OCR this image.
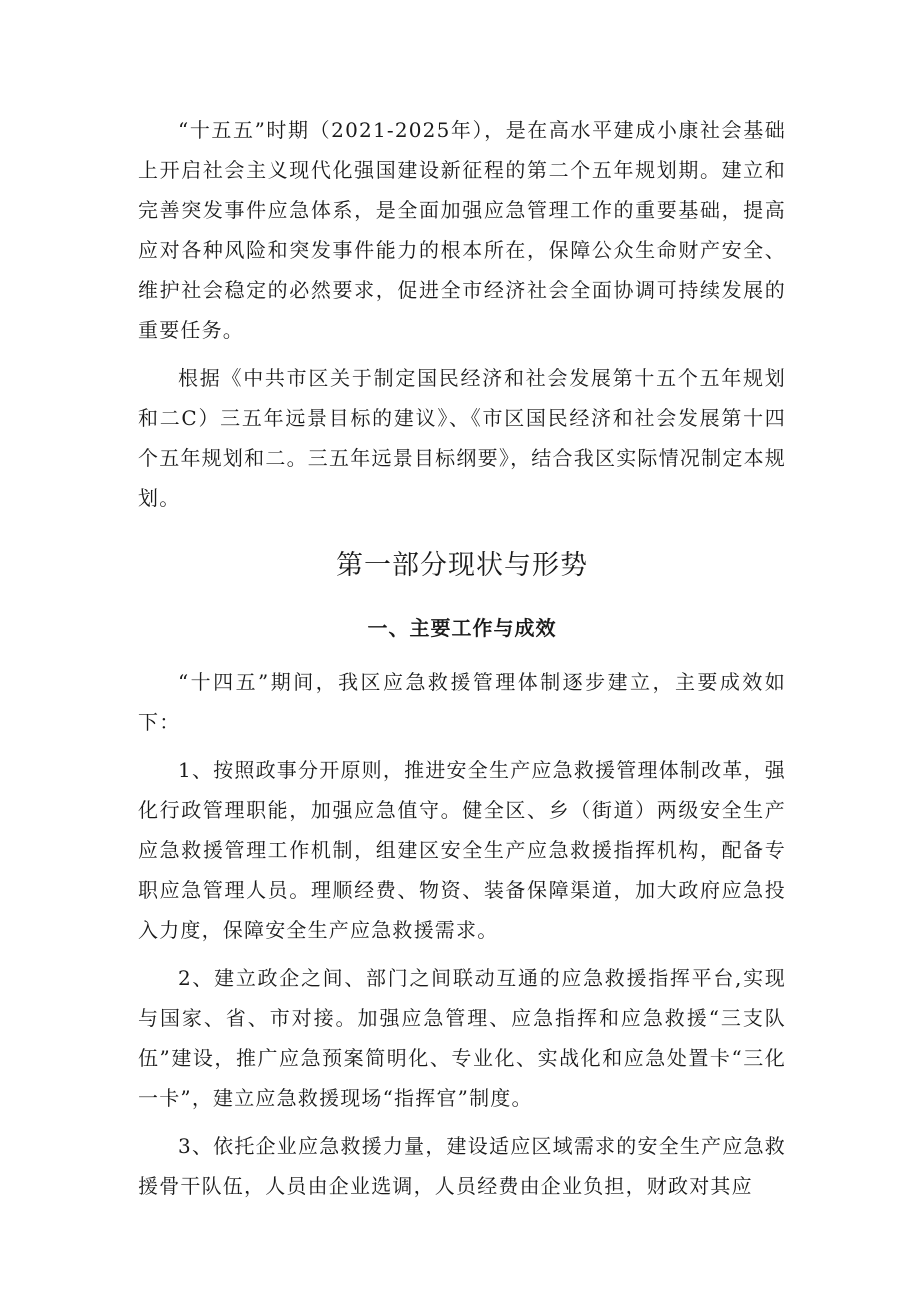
“十五五”时期（2021-2025年），是在高水平建成小康社会基础上开启社会主义现代化强国建设新征程的第二个五年规划期。建立和完善突发事件应急体系，是全面加强应急管理工作的重要基础，提高应对各种风险和突发事件能力的根本所在，保障公众生命财产安全、维护社会稳定的必然要求，促进全市经济社会全面协调可持续发展的重要任务。

根据《中共市区关于制定国民经济和社会发展第十五个五年规划和二C）三五年远景目标的建议》、《市区国民经济和社会发展第十四个五年规划和二。三五年远景目标纲要》，结合我区实际情况制定本规划。

第一部分现状与形势
一、主要工作与成效

“十四五”期间，我区应急救援管理体制逐步建立，主要成效如下：

1、按照政事分开原则，推进安全生产应急救援管理体制改革，强化行政管理职能，加强应急值守。健全区、乡（街道）两级安全生产应急救援管理工作机制，组建区安全生产应急救援指挥机构，配备专职应急管理人员。理顺经费、物资、装备保障渠道，加大政府应急投入力度，保障安全生产应急救援需求。

2、建立政企之间、部门之间联动互通的应急救援指挥平台,实现与国家、省、市对接。加强应急管理、应急指挥和应急救援“三支队伍”建设，推广应急预案简明化、专业化、实战化和应急处置卡“三化一卡”，建立应急救援现场“指挥官”制度。

3、依托企业应急救援力量，建设适应区域需求的安全生产应急救援骨干队伍，人员由企业选调，人员经费由企业负担，财政对其应
